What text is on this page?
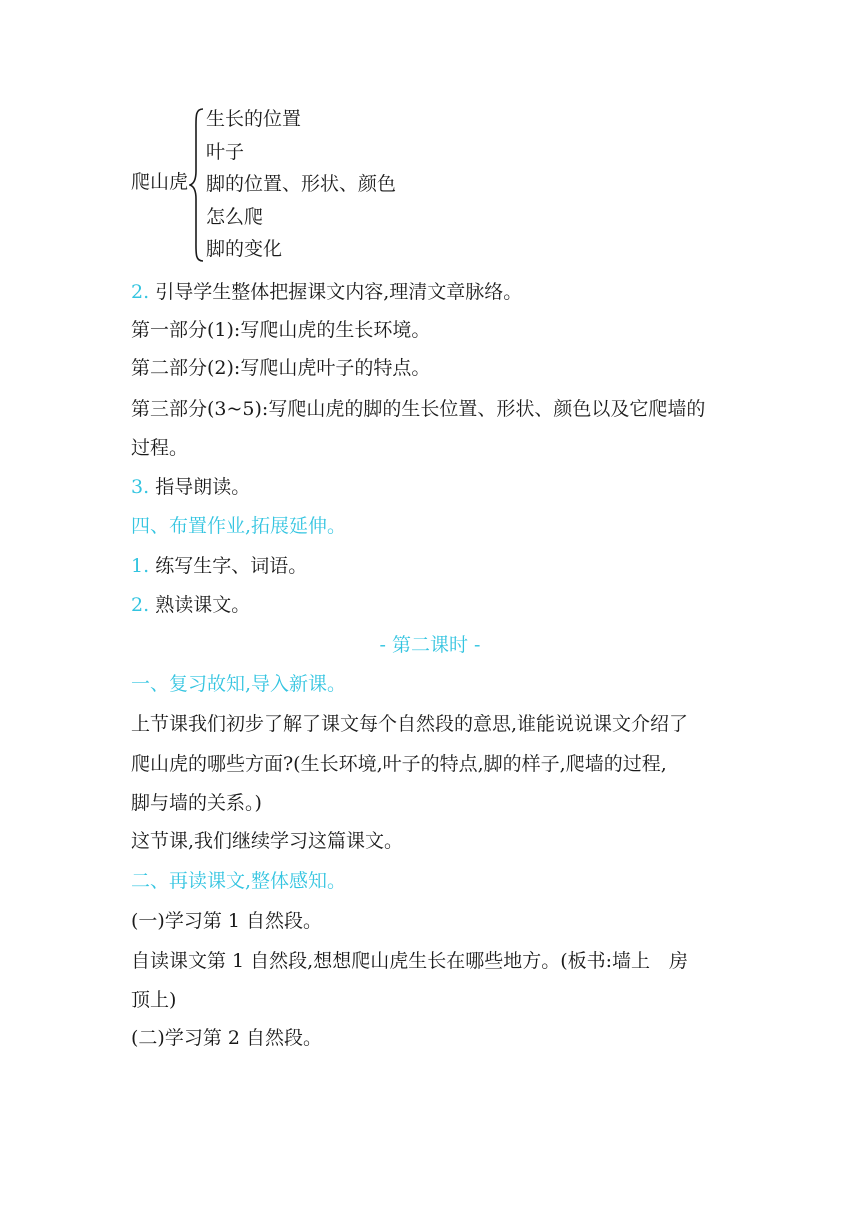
爬山虎
生长的位置
叶子
脚的位置、形状、颜色
怎么爬
脚的变化
2. 引导学生整体把握课文内容,理清文章脉络。
第一部分(1):写爬山虎的生长环境。
第二部分(2):写爬山虎叶子的特点。
第三部分(3~5):写爬山虎的脚的生长位置、形状、颜色以及它爬墙的
过程。
3. 指导朗读。
四、布置作业,拓展延伸。
1. 练写生字、词语。
2. 熟读课文。
- 第二课时 -
一、复习故知,导入新课。
上节课我们初步了解了课文每个自然段的意思,谁能说说课文介绍了
爬山虎的哪些方面?(生长环境,叶子的特点,脚的样子,爬墙的过程,
脚与墙的关系。)
这节课,我们继续学习这篇课文。
二、再读课文,整体感知。
(一)学习第 1 自然段。
自读课文第 1 自然段,想想爬山虎生长在哪些地方。(板书:墙上　房
顶上)
(二)学习第 2 自然段。
